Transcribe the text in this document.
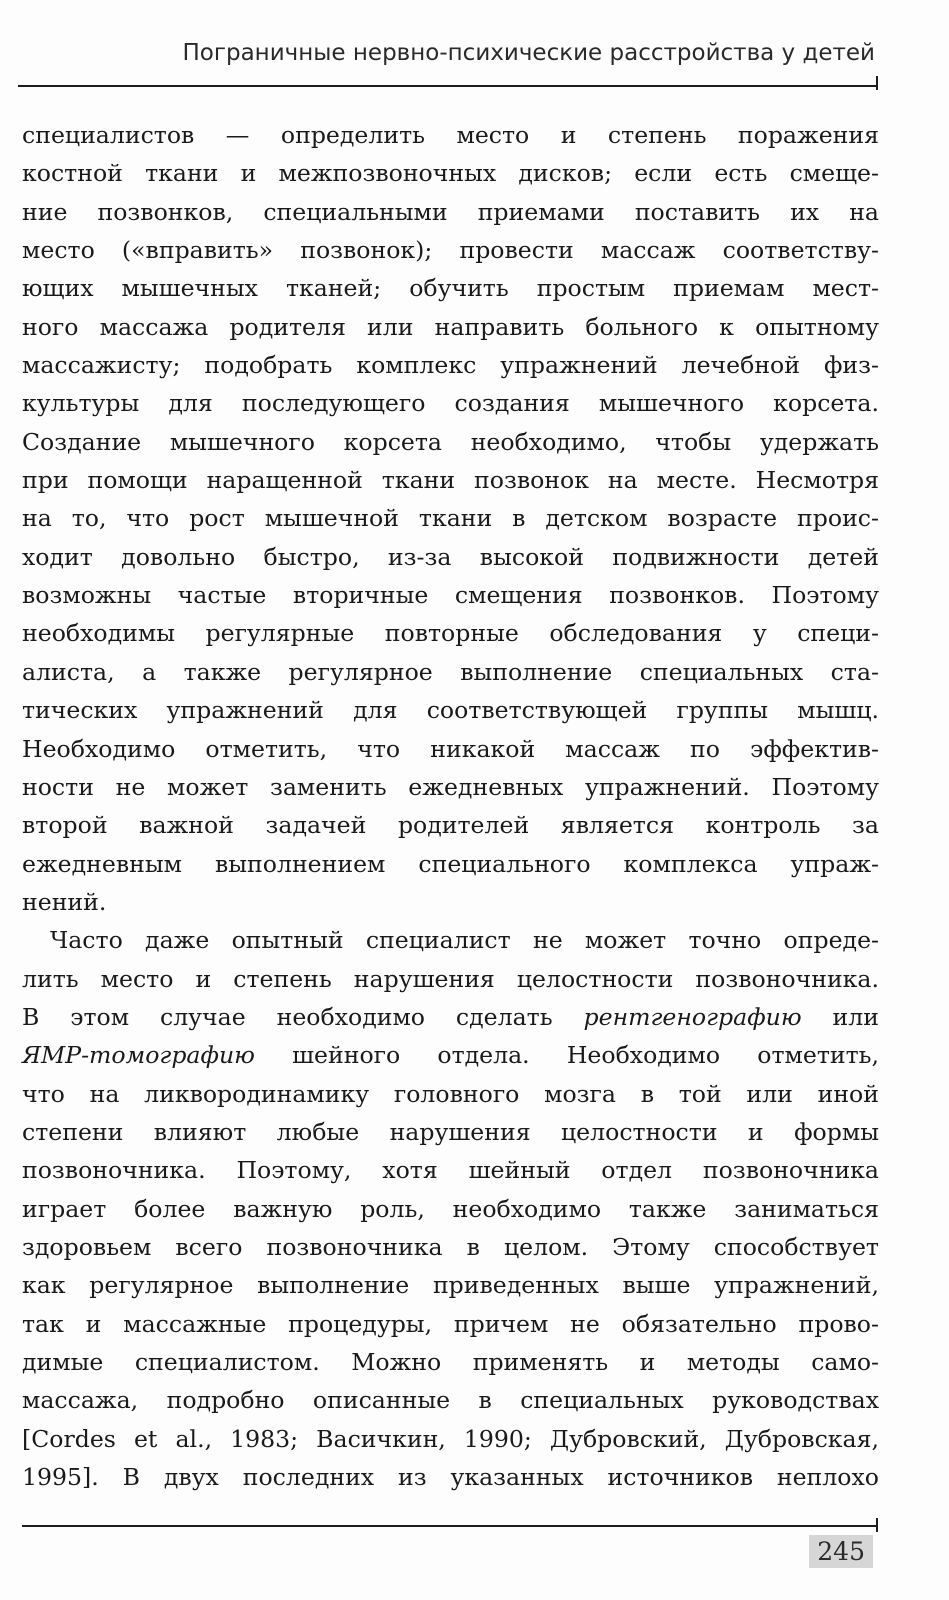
Пограничные нервно-психические расстройства у детей
специалистов — определить место и степень поражения
костной ткани и межпозвоночных дисков; если есть смеще-
ние позвонков, специальными приемами поставить их на
место («вправить» позвонок); провести массаж соответству-
ющих мышечных тканей; обучить простым приемам мест-
ного массажа родителя или направить больного к опытному
массажисту; подобрать комплекс упражнений лечебной физ-
культуры для последующего создания мышечного корсета.
Создание мышечного корсета необходимо, чтобы удержать
при помощи наращенной ткани позвонок на месте. Несмотря
на то, что рост мышечной ткани в детском возрасте проис-
ходит довольно быстро, из-за высокой подвижности детей
возможны частые вторичные смещения позвонков. Поэтому
необходимы регулярные повторные обследования у специ-
алиста, а также регулярное выполнение специальных ста-
тических упражнений для соответствующей группы мышц.
Необходимо отметить, что никакой массаж по эффектив-
ности не может заменить ежедневных упражнений. Поэтому
второй важной задачей родителей является контроль за
ежедневным выполнением специального комплекса упраж-
нений.
Часто даже опытный специалист не может точно опреде-
лить место и степень нарушения целостности позвоночника.
В этом случае необходимо сделать рентгенографию или
ЯМР-томографию шейного отдела. Необходимо отметить,
что на ликвородинамику головного мозга в той или иной
степени влияют любые нарушения целостности и формы
позвоночника. Поэтому, хотя шейный отдел позвоночника
играет более важную роль, необходимо также заниматься
здоровьем всего позвоночника в целом. Этому способствует
как регулярное выполнение приведенных выше упражнений,
так и массажные процедуры, причем не обязательно прово-
димые специалистом. Можно применять и методы само-
массажа, подробно описанные в специальных руководствах
[Cordes et al., 1983; Васичкин, 1990; Дубровский, Дубровская,
1995]. В двух последних из указанных источников неплохо
245
